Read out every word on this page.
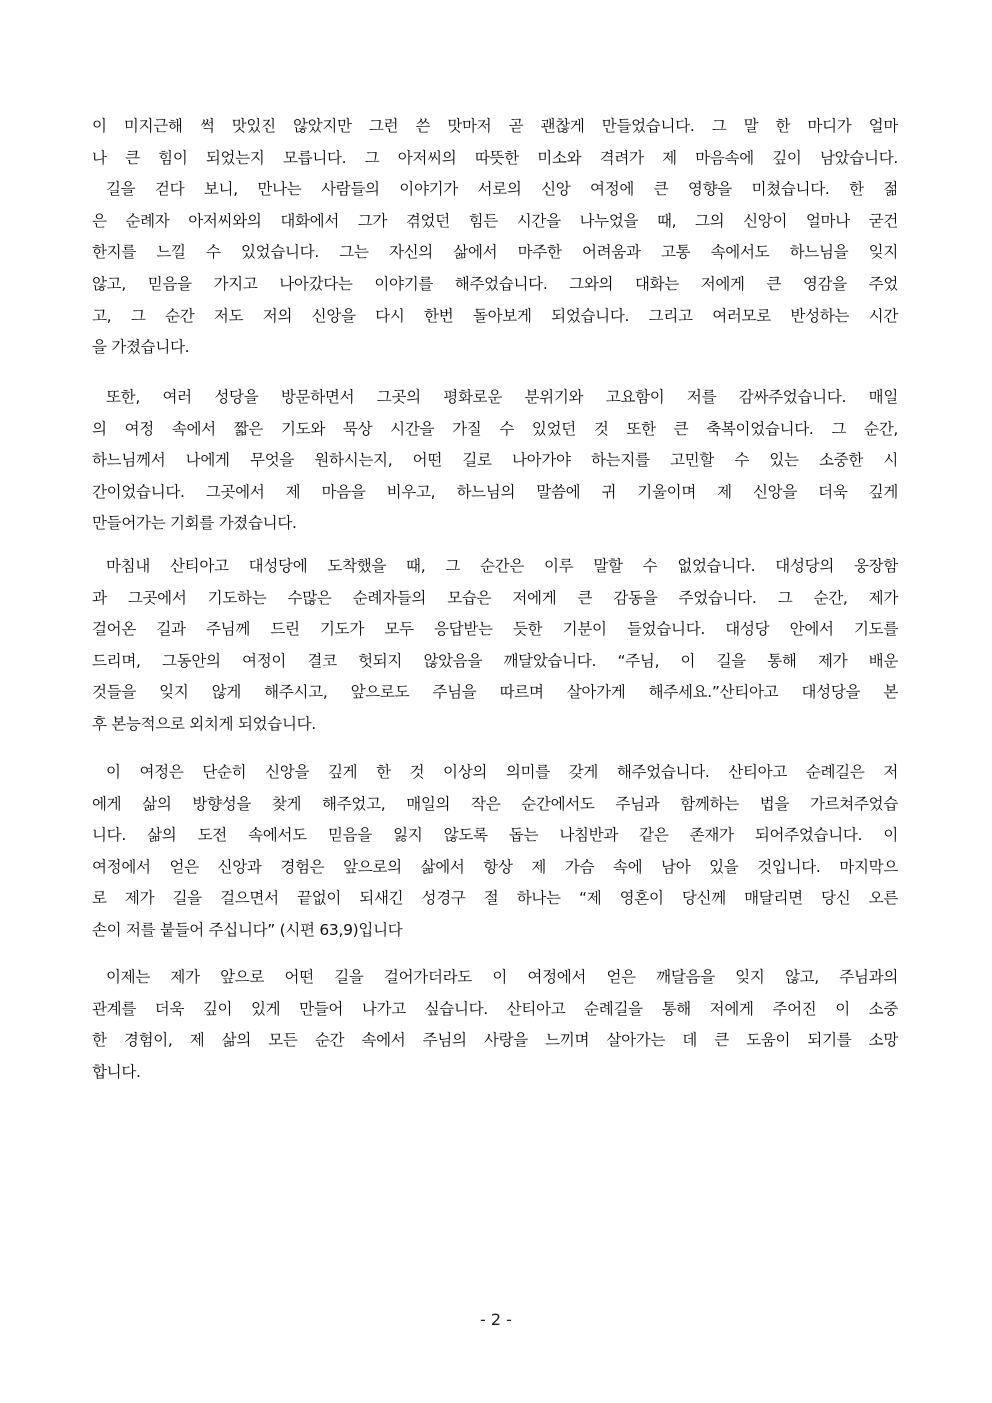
이 미지근해 썩 맛있진 않았지만 그런 쓴 맛마저 곧 괜찮게 만들었습니다. 그 말 한 마디가 얼마
나 큰 힘이 되었는지 모릅니다. 그 아저씨의 따뜻한 미소와 격려가 제 마음속에 깊이 남았습니다.
길을 걷다 보니, 만나는 사람들의 이야기가 서로의 신앙 여정에 큰 영향을 미쳤습니다. 한 젊
은 순례자 아저씨와의 대화에서 그가 겪었던 힘든 시간을 나누었을 때, 그의 신앙이 얼마나 굳건
한지를 느낄 수 있었습니다. 그는 자신의 삶에서 마주한 어려움과 고통 속에서도 하느님을 잊지
않고, 믿음을 가지고 나아갔다는 이야기를 해주었습니다. 그와의 대화는 저에게 큰 영감을 주었
고, 그 순간 저도 저의 신앙을 다시 한번 돌아보게 되었습니다. 그리고 여러모로 반성하는 시간
을 가졌습니다.
또한, 여러 성당을 방문하면서 그곳의 평화로운 분위기와 고요함이 저를 감싸주었습니다. 매일
의 여정 속에서 짧은 기도와 묵상 시간을 가질 수 있었던 것 또한 큰 축복이었습니다. 그 순간,
하느님께서 나에게 무엇을 원하시는지, 어떤 길로 나아가야 하는지를 고민할 수 있는 소중한 시
간이었습니다. 그곳에서 제 마음을 비우고, 하느님의 말씀에 귀 기울이며 제 신앙을 더욱 깊게
만들어가는 기회를 가졌습니다.
마침내 산티아고 대성당에 도착했을 때, 그 순간은 이루 말할 수 없었습니다. 대성당의 웅장함
과 그곳에서 기도하는 수많은 순례자들의 모습은 저에게 큰 감동을 주었습니다. 그 순간, 제가
걸어온 길과 주님께 드린 기도가 모두 응답받는 듯한 기분이 들었습니다. 대성당 안에서 기도를
드리며, 그동안의 여정이 결코 헛되지 않았음을 깨달았습니다. “주님, 이 길을 통해 제가 배운
것들을 잊지 않게 해주시고, 앞으로도 주님을 따르며 살아가게 해주세요.”산티아고 대성당을 본
후 본능적으로 외치게 되었습니다.
이 여정은 단순히 신앙을 깊게 한 것 이상의 의미를 갖게 해주었습니다. 산티아고 순례길은 저
에게 삶의 방향성을 찾게 해주었고, 매일의 작은 순간에서도 주님과 함께하는 법을 가르쳐주었습
니다. 삶의 도전 속에서도 믿음을 잃지 않도록 돕는 나침반과 같은 존재가 되어주었습니다. 이
여정에서 얻은 신앙과 경험은 앞으로의 삶에서 항상 제 가슴 속에 남아 있을 것입니다. 마지막으
로 제가 길을 걸으면서 끝없이 되새긴 성경구 절 하나는 “제 영혼이 당신께 매달리면 당신 오른
손이 저를 붙들어 주십니다” (시편 63,9)입니다
이제는 제가 앞으로 어떤 길을 걸어가더라도 이 여정에서 얻은 깨달음을 잊지 않고, 주님과의
관계를 더욱 깊이 있게 만들어 나가고 싶습니다. 산티아고 순례길을 통해 저에게 주어진 이 소중
한 경험이, 제 삶의 모든 순간 속에서 주님의 사랑을 느끼며 살아가는 데 큰 도움이 되기를 소망
합니다.
- 2 -
